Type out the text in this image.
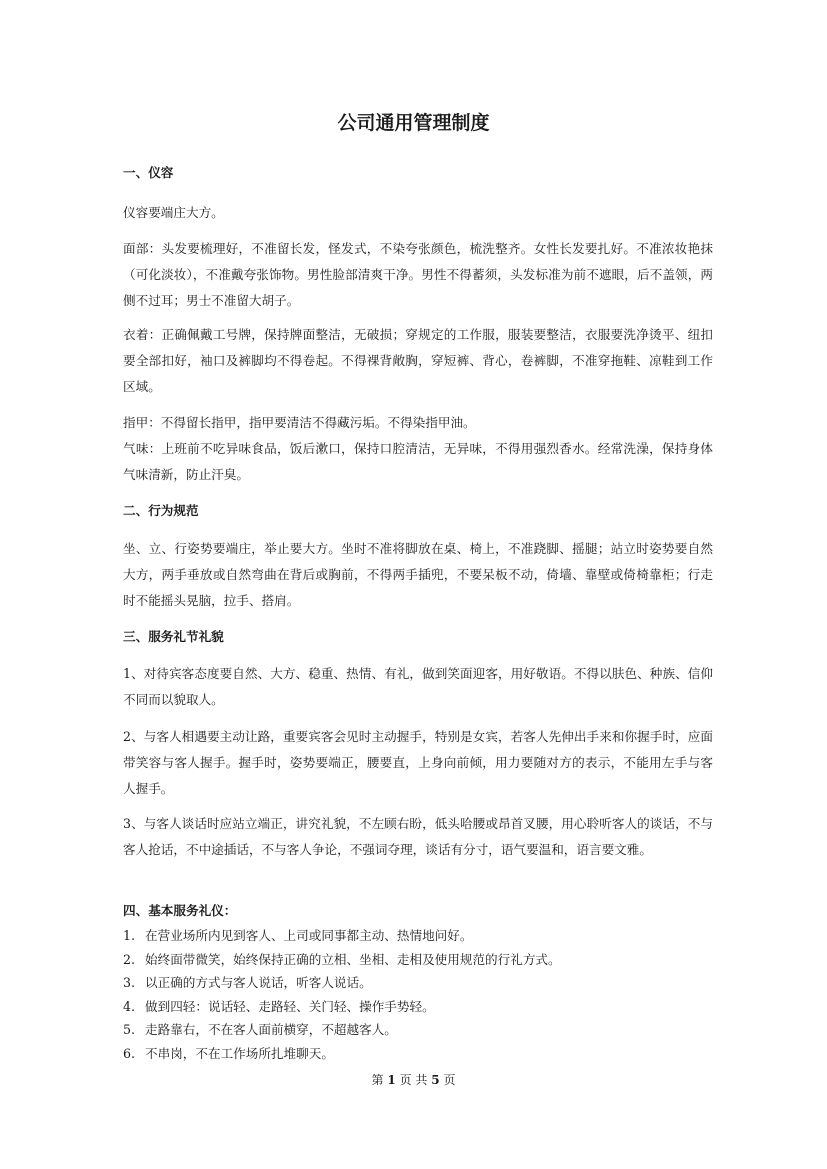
公司通用管理制度
一、仪容
仪容要端庄大方。
面部：头发要梳理好，不准留长发，怪发式，不染夸张颜色，梳洗整齐。女性长发要扎好。不准浓妆艳抹（可化淡妆），不准戴夸张饰物。男性脸部清爽干净。男性不得蓄须，头发标准为前不遮眼，后不盖领，两侧不过耳；男士不准留大胡子。
衣着：正确佩戴工号牌，保持牌面整洁，无破损；穿规定的工作服，服装要整洁，衣服要洗净烫平、纽扣要全部扣好，袖口及裤脚均不得卷起。不得裸背敞胸，穿短裤、背心，卷裤脚，不准穿拖鞋、凉鞋到工作区域。
指甲：不得留长指甲，指甲要清洁不得藏污垢。不得染指甲油。
气味：上班前不吃异味食品，饭后漱口，保持口腔清洁，无异味，不得用强烈香水。经常洗澡，保持身体气味清新，防止汗臭。
二、行为规范
坐、立、行姿势要端庄，举止要大方。坐时不准将脚放在桌、椅上，不准跷脚、摇腿；站立时姿势要自然大方，两手垂放或自然弯曲在背后或胸前，不得两手插兜，不要呆板不动，倚墙、靠壁或倚椅靠柜；行走时不能摇头晃脑，拉手、搭肩。
三、服务礼节礼貌
1、对待宾客态度要自然、大方、稳重、热情、有礼，做到笑面迎客，用好敬语。不得以肤色、种族、信仰不同而以貌取人。
2、与客人相遇要主动让路，重要宾客会见时主动握手，特别是女宾，若客人先伸出手来和你握手时，应面带笑容与客人握手。握手时，姿势要端正，腰要直，上身向前倾，用力要随对方的表示，不能用左手与客人握手。
3、与客人谈话时应站立端正，讲究礼貌，不左顾右盼，低头哈腰或昂首叉腰，用心聆听客人的谈话，不与客人抢话，不中途插话，不与客人争论，不强词夺理，谈话有分寸，语气要温和，语言要文雅。
四、基本服务礼仪：
1. 在营业场所内见到客人、上司或同事都主动、热情地问好。
2. 始终面带微笑，始终保持正确的立相、坐相、走相及使用规范的行礼方式。
3. 以正确的方式与客人说话，听客人说话。
4. 做到四轻：说话轻、走路轻、关门轻、操作手势轻。
5. 走路靠右，不在客人面前横穿，不超越客人。
6. 不串岗，不在工作场所扎堆聊天。
第 1 页 共 5 页
